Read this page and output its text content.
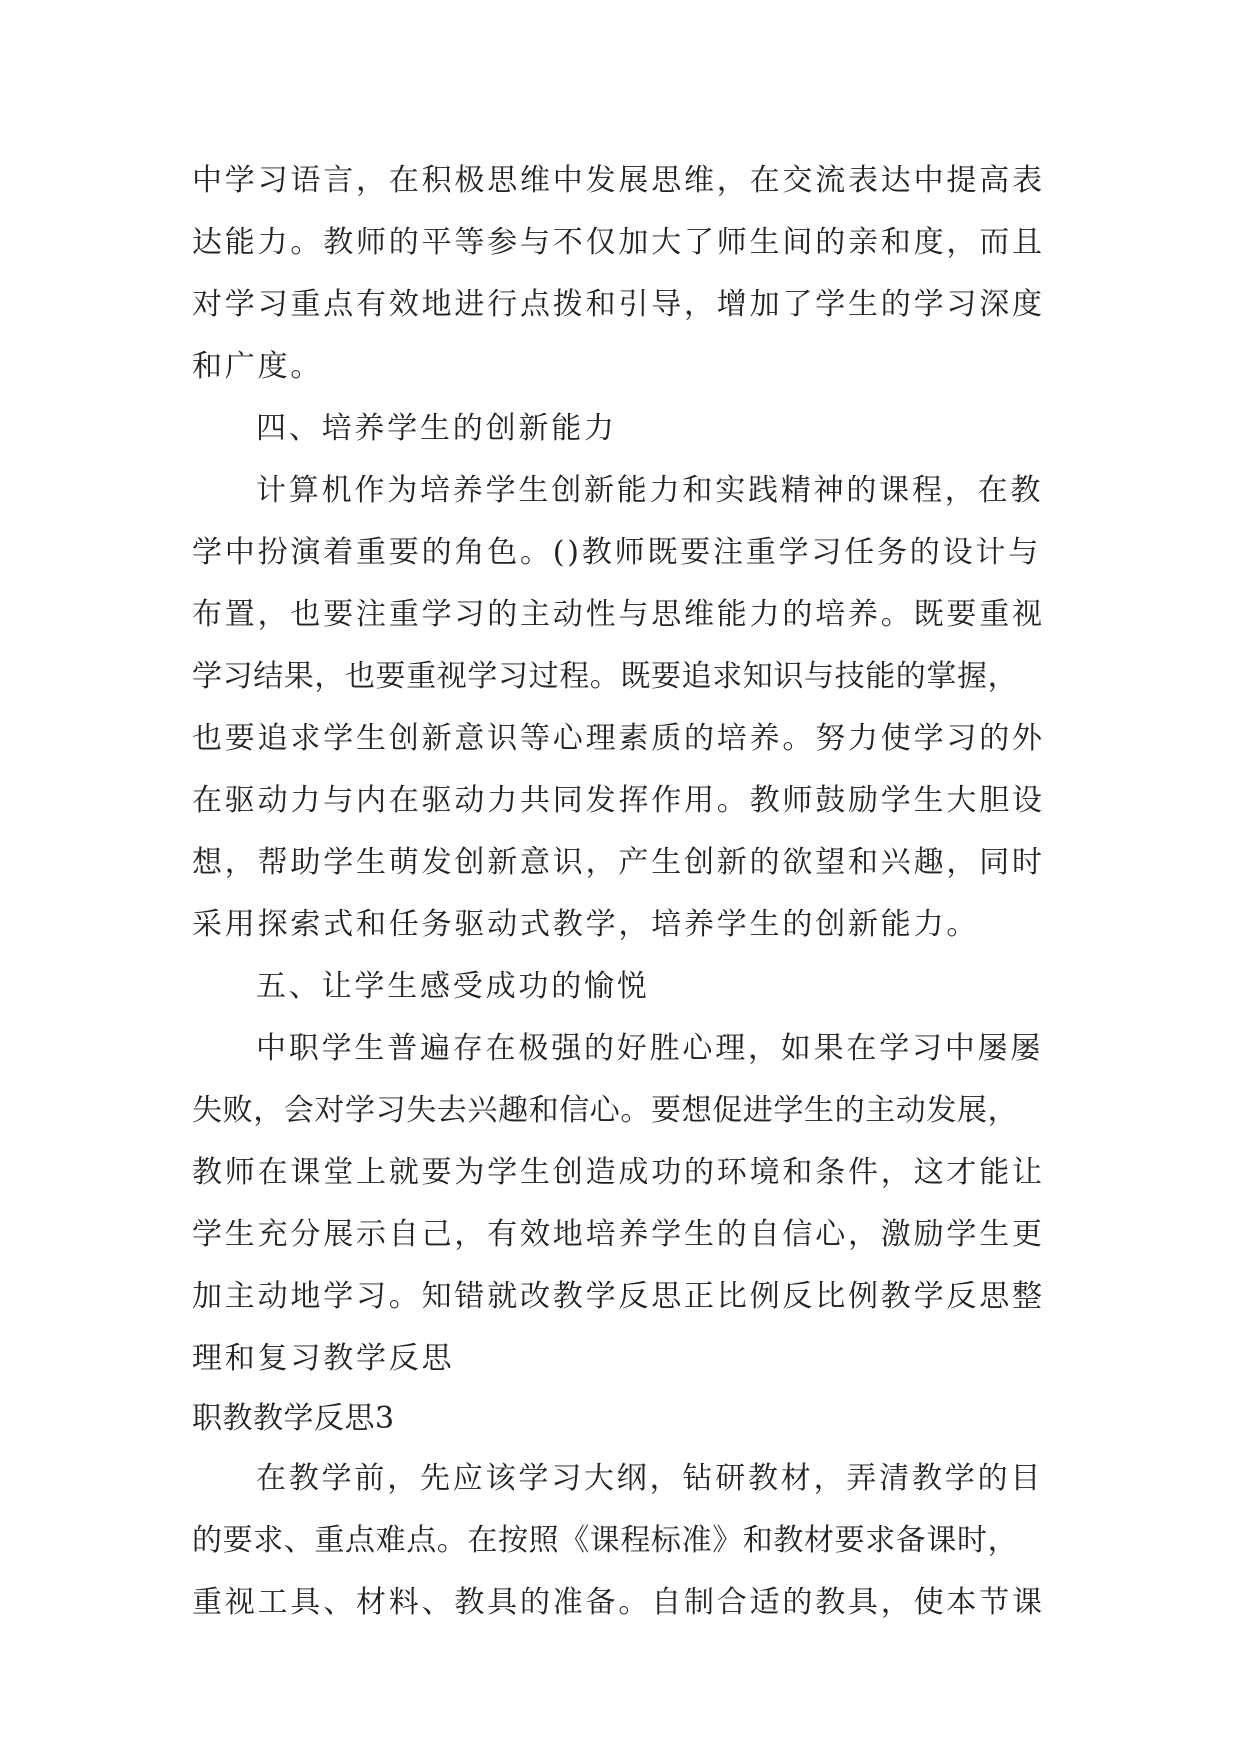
中学习语言，在积极思维中发展思维，在交流表达中提高表
达能力。教师的平等参与不仅加大了师生间的亲和度，而且
对学习重点有效地进行点拨和引导，增加了学生的学习深度
和广度。
四、培养学生的创新能力
计算机作为培养学生创新能力和实践精神的课程，在教
学中扮演着重要的角色。()教师既要注重学习任务的设计与
布置，也要注重学习的主动性与思维能力的培养。既要重视
学习结果，也要重视学习过程。既要追求知识与技能的掌握，
也要追求学生创新意识等心理素质的培养。努力使学习的外
在驱动力与内在驱动力共同发挥作用。教师鼓励学生大胆设
想，帮助学生萌发创新意识，产生创新的欲望和兴趣，同时
采用探索式和任务驱动式教学，培养学生的创新能力。
五、让学生感受成功的愉悦
中职学生普遍存在极强的好胜心理，如果在学习中屡屡
失败，会对学习失去兴趣和信心。要想促进学生的主动发展，
教师在课堂上就要为学生创造成功的环境和条件，这才能让
学生充分展示自己，有效地培养学生的自信心，激励学生更
加主动地学习。知错就改教学反思正比例反比例教学反思整
理和复习教学反思
职教教学反思3
在教学前，先应该学习大纲，钻研教材，弄清教学的目
的要求、重点难点。在按照《课程标准》和教材要求备课时，
重视工具、材料、教具的准备。自制合适的教具，使本节课
